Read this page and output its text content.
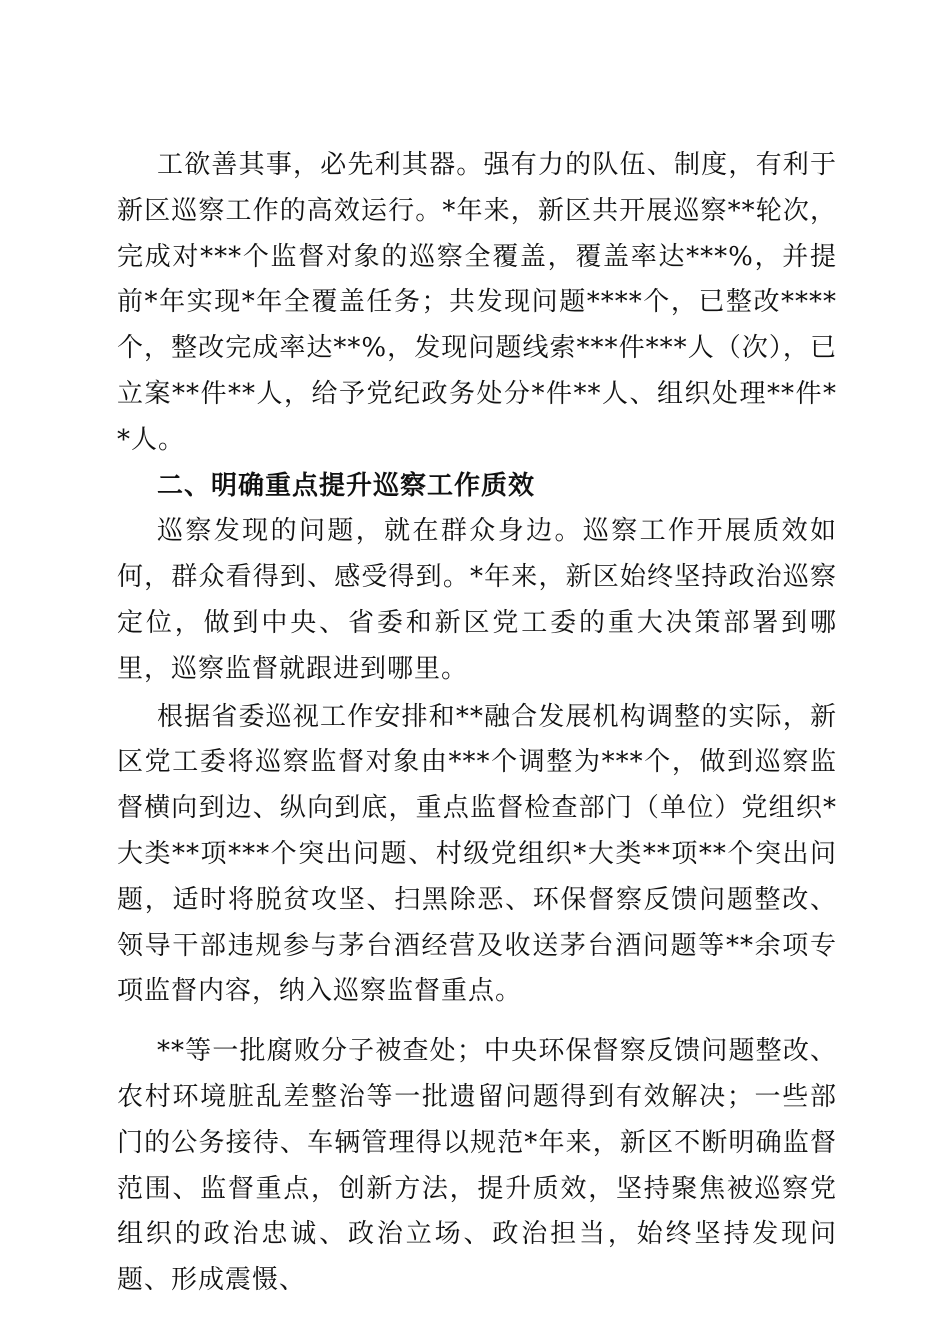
工欲善其事，必先利其器。强有力的队伍、制度，有利于新区巡察工作的高效运行。*年来，新区共开展巡察**轮次，完成对***个监督对象的巡察全覆盖，覆盖率达***%，并提前*年实现*年全覆盖任务；共发现问题****个，已整改****个，整改完成率达**%，发现问题线索***件***人（次），已立案**件**人，给予党纪政务处分*件**人、组织处理**件**人。

二、明确重点提升巡察工作质效

巡察发现的问题，就在群众身边。巡察工作开展质效如何，群众看得到、感受得到。*年来，新区始终坚持政治巡察定位，做到中央、省委和新区党工委的重大决策部署到哪里，巡察监督就跟进到哪里。

根据省委巡视工作安排和**融合发展机构调整的实际，新区党工委将巡察监督对象由***个调整为***个，做到巡察监督横向到边、纵向到底，重点监督检查部门（单位）党组织*大类**项***个突出问题、村级党组织*大类**项**个突出问题，适时将脱贫攻坚、扫黑除恶、环保督察反馈问题整改、领导干部违规参与茅台酒经营及收送茅台酒问题等**余项专项监督内容，纳入巡察监督重点。

**等一批腐败分子被查处；中央环保督察反馈问题整改、农村环境脏乱差整治等一批遗留问题得到有效解决；一些部门的公务接待、车辆管理得以规范*年来，新区不断明确监督范围、监督重点，创新方法，提升质效，坚持聚焦被巡察党组织的政治忠诚、政治立场、政治担当，始终坚持发现问题、形成震慑、
